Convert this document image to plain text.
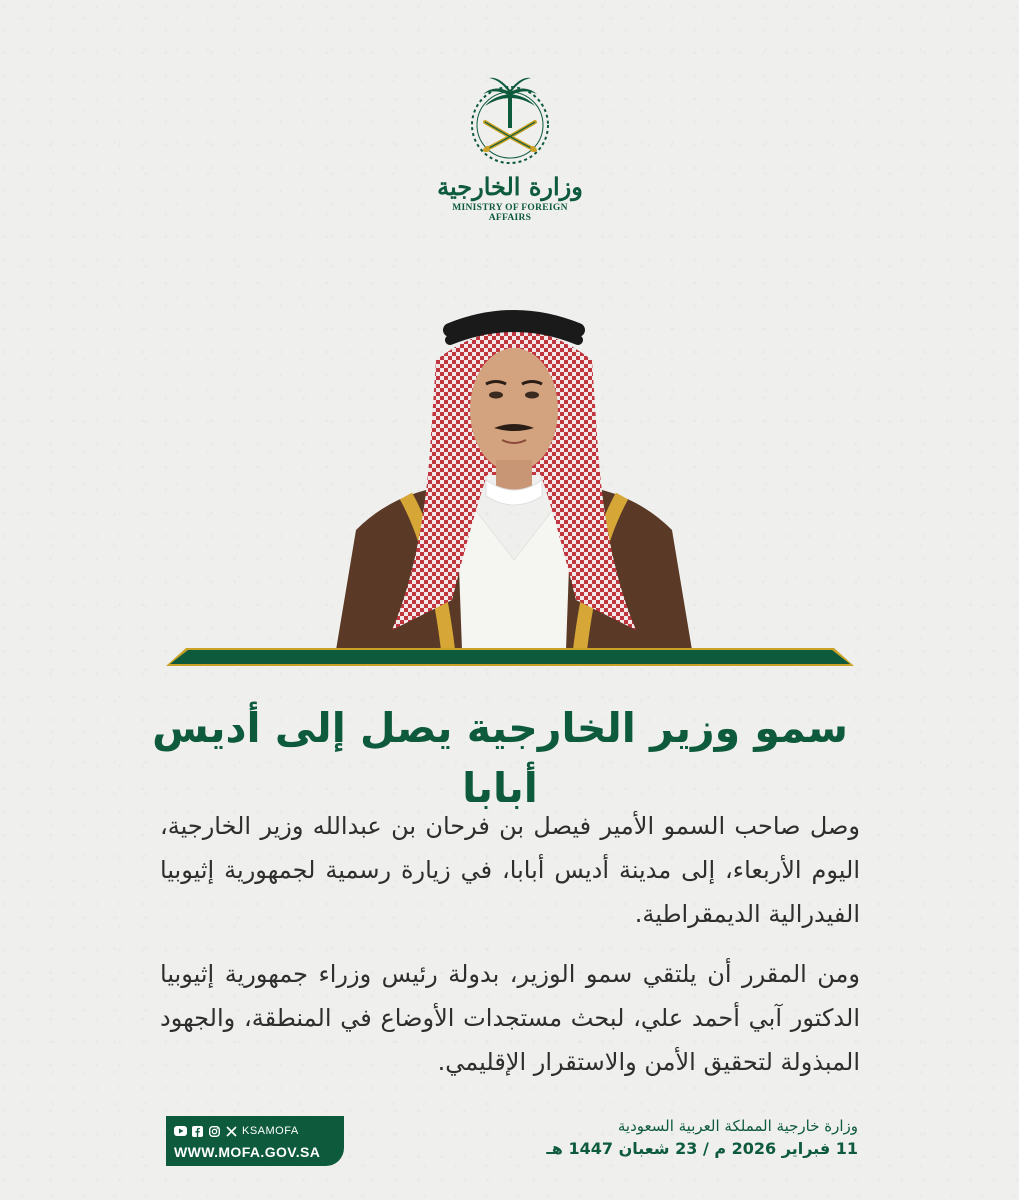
وزارة الخارجية
MINISTRY OF FOREIGN AFFAIRS
سمو وزير الخارجية يصل إلى أديس أبابا
وصل صاحب السمو الأمير فيصل بن فرحان بن عبدالله وزير الخارجية، اليوم الأربعاء، إلى مدينة أديس أبابا، في زيارة رسمية لجمهورية إثيوبيا الفيدرالية الديمقراطية.
ومن المقرر أن يلتقي سمو الوزير، بدولة رئيس وزراء جمهورية إثيوبيا الدكتور آبي أحمد علي، لبحث مستجدات الأوضاع في المنطقة، والجهود المبذولة لتحقيق الأمن والاستقرار الإقليمي.
KSAMOFA
WWW.MOFA.GOV.SA
وزارة خارجية المملكة العربية السعودية
11 فبراير 2026 م / 23 شعبان 1447 هـ
